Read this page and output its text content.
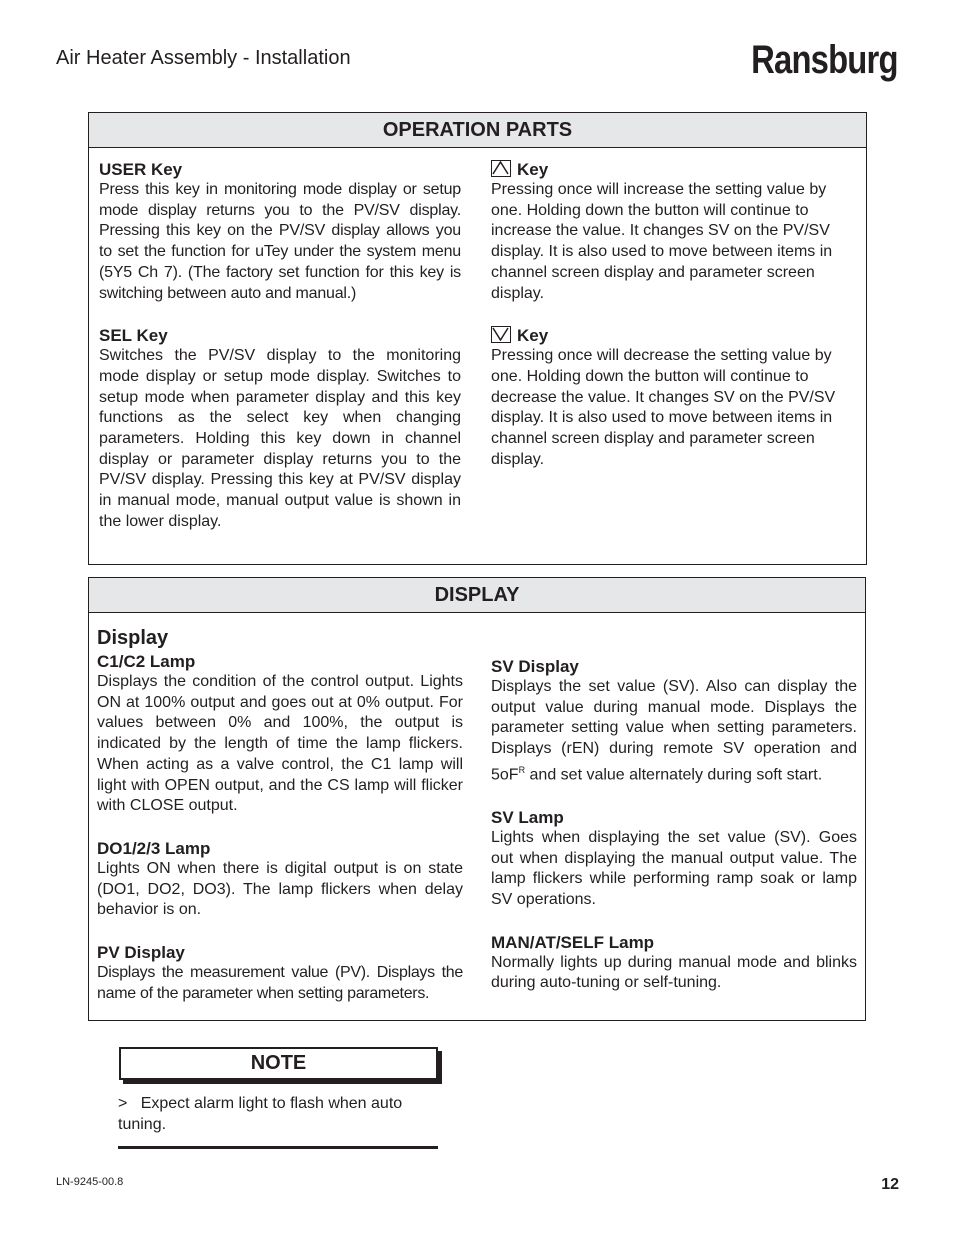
Air Heater Assembly - Installation	Ransburg
OPERATION PARTS

USER Key

Press this key in monitoring mode display or setup mode display returns you to the PV/SV display. Pressing this key on the PV/SV display allows you to set the function for uTey under the system menu (5Y5 Ch 7). (The factory set function for this key is switching between auto and manual.)

SEL Key

Switches the PV/SV display to the monitoring mode display or setup mode display. Switches to setup mode when parameter display and this key functions as the select key when changing parameters. Holding this key down in channel display or parameter display returns you to the PV/SV display. Pressing this key at PV/SV display in manual mode, manual output value is shown in the lower display.

Key

Pressing once will increase the setting value by one. Holding down the button will continue to increase the value. It changes SV on the PV/SV display. It is also used to move between items in channel screen display and parameter screen display.

Key

Pressing once will decrease the setting value by one. Holding down the button will continue to decrease the value. It changes SV on the PV/SV display. It is also used to move between items in channel screen display and parameter screen display.

DISPLAY

Display

C1/C2 Lamp

Displays the condition of the control output. Lights ON at 100% output and goes out at 0% output. For values between 0% and 100%, the output is indicated by the length of time the lamp flickers. When acting as a valve control, the C1 lamp will light with OPEN output, and the CS lamp will flicker with CLOSE output.

DO1/2/3 Lamp

Lights ON when there is digital output is on state (DO1, DO2, DO3). The lamp flickers when delay behavior is on.

PV Display

Displays the measurement value (PV). Displays the name of the parameter when setting parameters.

SV Display

Displays the set value (SV). Also can display the output value during manual mode. Displays the parameter setting value when setting parameters. Displays (rEN) during remote SV operation and $5oF^R$ and set value alternately during soft start.

SV Lamp

Lights when displaying the set value (SV). Goes out when displaying the manual output value. The lamp flickers while performing ramp soak or lamp SV operations.

MAN/AT/SELF Lamp

Normally lights up during manual mode and blinks during auto-tuning or self-tuning.

NOTE
> Expect alarm light to flash when auto tuning.
LN-9245-00.8	12
